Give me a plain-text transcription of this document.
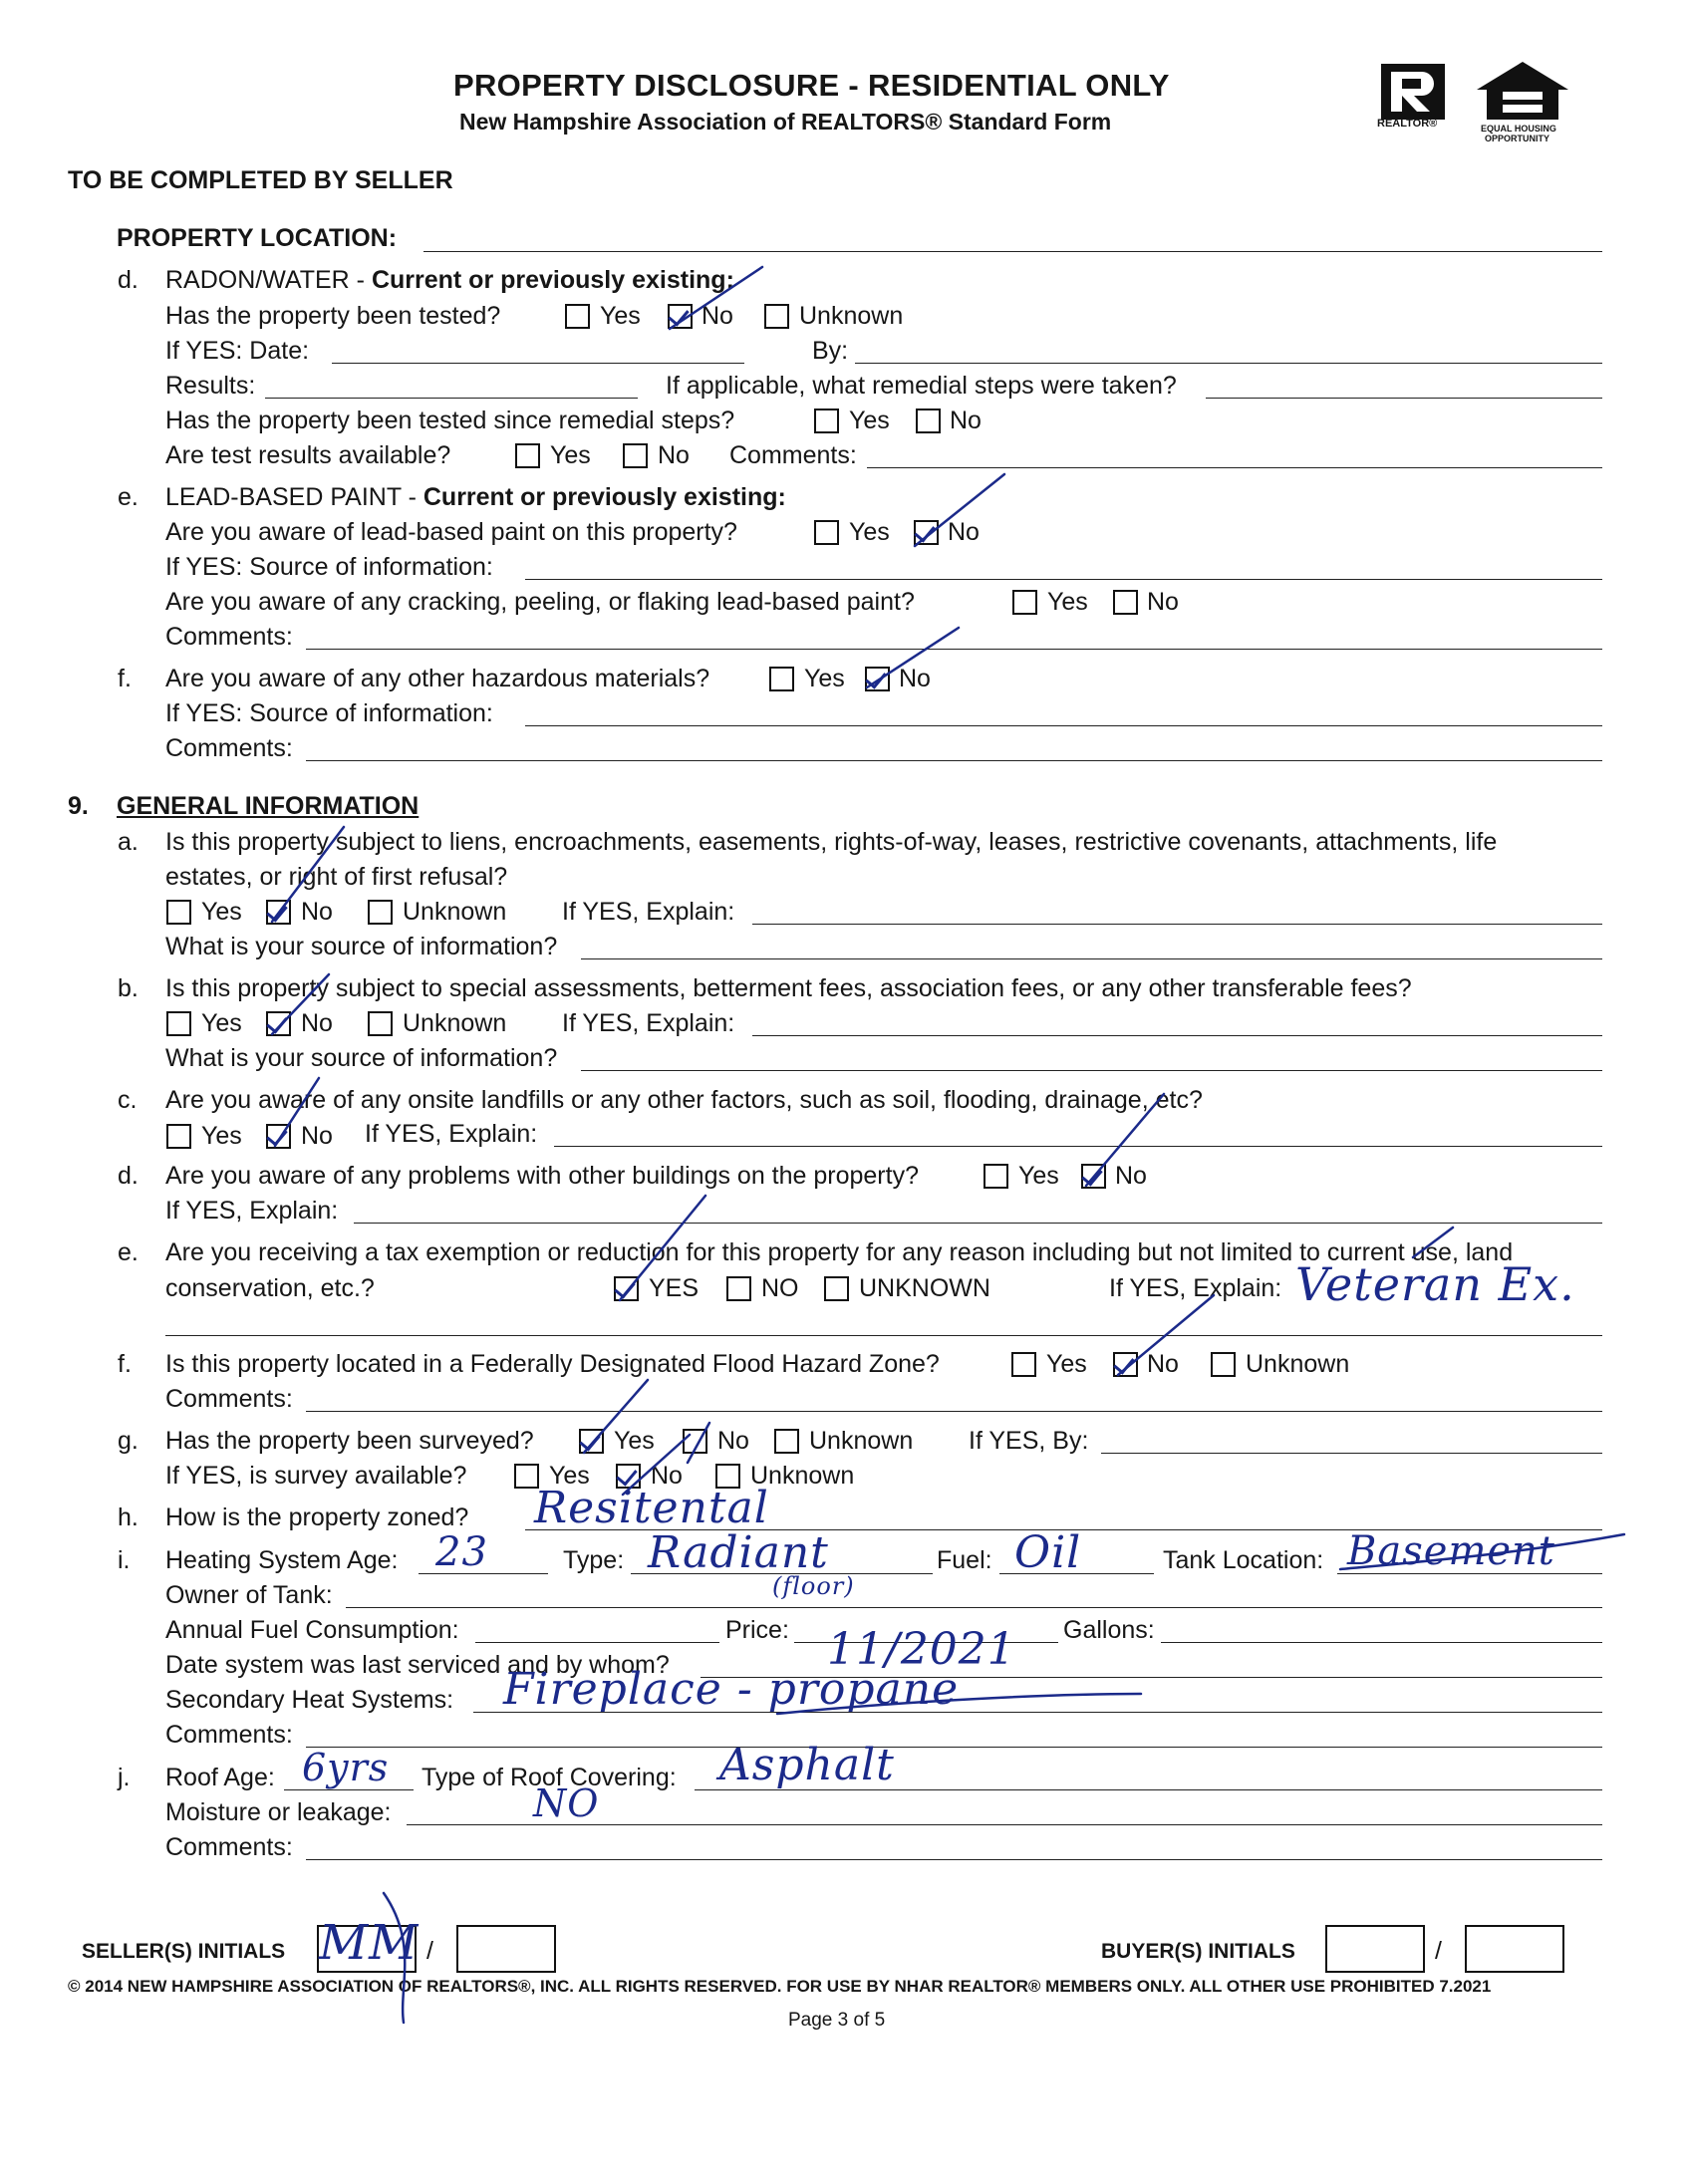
PROPERTY DISCLOSURE - RESIDENTIAL ONLY
New Hampshire Association of REALTORS® Standard Form	REALTOR®	EQUAL HOUSING
OPPORTUNITY
TO BE COMPLETED BY SELLER
PROPERTY LOCATION:
d. RADON/WATER - Current or previously existing:
Has the property been tested?	Yes No	Unknown
If YES: Date:	By:
Results:	If applicable, what remedial steps were taken?
Has the property been tested since remedial steps?	Yes No
Are test results available?	Yes	No Comments:
e. LEAD-BASED PAINT - Current or previously existing:
Are you aware of lead-based paint on this property?	Yes No
If YES: Source of information:
Are you aware of any cracking, peeling, or flaking lead-based paint?	Yes No
Comments:
f. Are you aware of any other hazardous materials?	Yes No
If YES: Source of information:
Comments:
9. GENERAL INFORMATION
a. Is this property subject to liens, encroachments, easements, rights-of-way, leases, restrictive covenants, attachments, life
estates, or right of first refusal?
Yes No	Unknown If YES, Explain:
What is your source of information?
b. Is this property subject to special assessments, betterment fees, association fees, or any other transferable fees?
Yes No	Unknown If YES, Explain:
What is your source of information?
c. Are you aware of any onsite landfills or any other factors, such as soil, flooding, drainage, etc?
Yes No If YES, Explain:
d. Are you aware of any problems with other buildings on the property?	Yes No
If YES, Explain:
e. Are you receiving a tax exemption or reduction for this property for any reason including but not limited to current use, land
conservation, etc.?	YES	NO UNKNOWN	If YES, Explain: Veteran Ex.
f. Is this property located in a Federally Designated Flood Hazard Zone?	Yes No	Unknown
Comments:
g. Has the property been surveyed?	Yes	No Unknown If YES, By:
If YES, is survey available?	Yes No	Unknown
h. How is the property zoned? Resitental
i. Heating System Age: 23	Type: Radiant
(floor)
Fuel: Oil	Tank Location: Basement
Owner of Tank:
Annual Fuel Consumption:	Price:	Gallons:
Date system was last serviced and by whom?	11/2021
Secondary Heat Systems: Fireplace - propane
Comments:
j. Roof Age: 6yrs Type of Roof Covering: Asphalt
Moisture or leakage:	NO
Comments:
SELLER(S) INITIALS MM /	BUYER(S) INITIALS	/
© 2014 NEW HAMPSHIRE ASSOCIATION OF REALTORS®, INC. ALL RIGHTS RESERVED. FOR USE BY NHAR REALTOR® MEMBERS ONLY. ALL OTHER USE PROHIBITED 7.2021
Page 3 of 5
